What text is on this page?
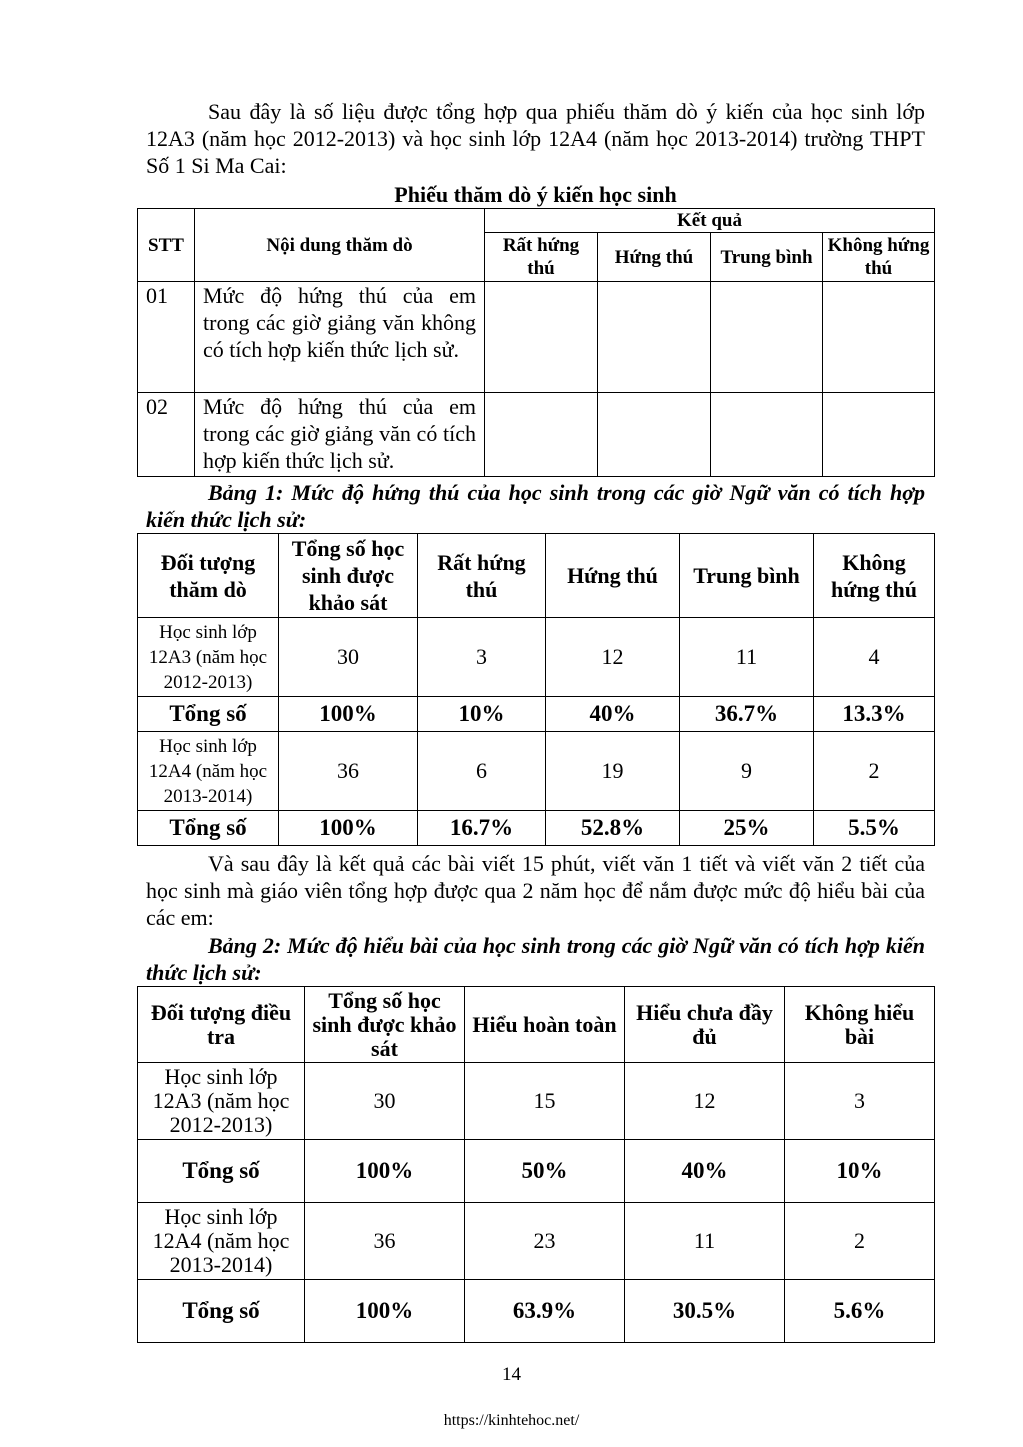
Sau đây là số liệu được tổng hợp qua phiếu thăm dò ý kiến của học sinh lớp 12A3 (năm học 2012-2013) và học sinh lớp 12A4 (năm học 2013-2014) trường THPT Số 1 Si Ma Cai:

Phiếu thăm dò ý kiến học sinh
STT	Nội dung thăm dò	Kết quả			
		Rất hứng thú	Hứng thú	Trung bình	Không hứng thú
01	Mức độ hứng thú của em trong các giờ giảng văn không có tích hợp kiến thức lịch sử.				
02	Mức độ hứng thú của em trong các giờ giảng văn có tích hợp kiến thức lịch sử.				
Bảng 1: Mức độ hứng thú của học sinh trong các giờ Ngữ văn có tích hợp kiến thức lịch sử:
Đối tượng thăm dò	Tổng số học sinh được khảo sát	Rất hứng thú	Hứng thú	Trung bình	Không hứng thú
Học sinh lớp 12A3 (năm học 2012-2013)	30	3	12	11	4
Tổng số	100%	10%	40%	36.7%	13.3%
Học sinh lớp 12A4 (năm học 2013-2014)	36	6	19	9	2
Tổng số	100%	16.7%	52.8%	25%	5.5%

Và sau đây là kết quả các bài viết 15 phút, viết văn 1 tiết và viết văn 2 tiết của học sinh mà giáo viên tổng hợp được qua 2 năm học để nắm được mức độ hiểu bài của các em:

Bảng 2: Mức độ hiểu bài của học sinh trong các giờ Ngữ văn có tích hợp kiến thức lịch sử:
Đối tượng điều tra	Tổng số học sinh được khảo sát	Hiểu hoàn toàn	Hiểu chưa đầy đủ	Không hiểu bài
Học sinh lớp 12A3 (năm học 2012-2013)	30	15	12	3
Tổng số	100%	50%	40%	10%
Học sinh lớp 12A4 (năm học 2013-2014)	36	23	11	2
Tổng số	100%	63.9%	30.5%	5.6%
14
https://kinhtehoc.net/
